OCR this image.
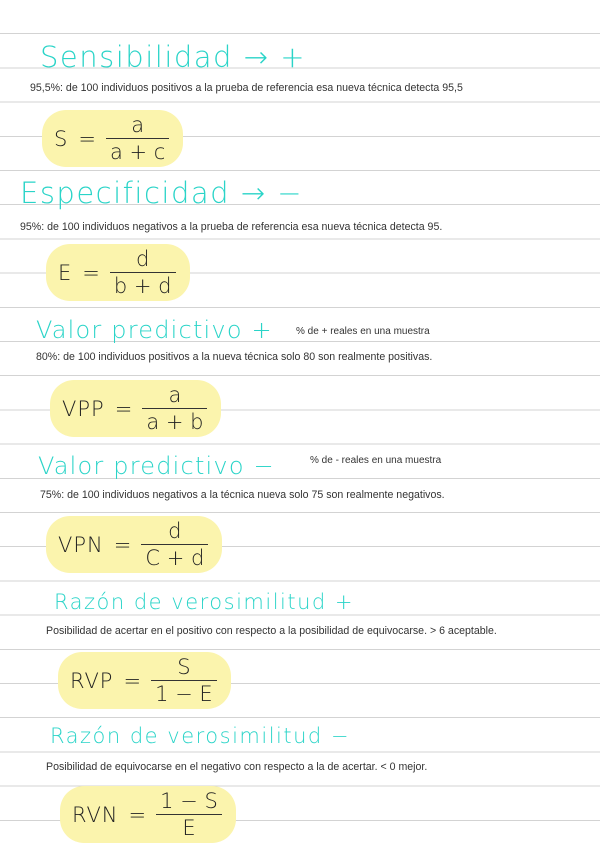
Sensibilidad → +
95,5%: de 100 individuos positivos a la prueba de referencia esa nueva técnica detecta 95,5
$S = \frac{a}{a + c}$
Especificidad → −
95%: de 100 individuos negativos a la prueba de referencia esa nueva técnica detecta 95.
$E = \frac{d}{b + d}$
Valor predictivo + % de + reales en una muestra
80%: de 100 individuos positivos a la nueva técnica solo 80 son realmente positivas.
VPP = $\frac{a}{a + b}$
Valor predictivo −	% de - reales en una muestra
75%: de 100 individuos negativos a la técnica nueva solo 75 son realmente negativos.
VPN = $\frac{d}{C + d}$
Razón de verosimilitud +
Posibilidad de acertar en el positivo con respecto a la posibilidad de equivocarse. > 6 aceptable.
RVP = $\frac{S}{1 - E}$
Razón de verosimilitud −
Posibilidad de equivocarse en el negativo con respecto a la de acertar. < 0 mejor.
RVN = $\frac{1 - S}{E}$
